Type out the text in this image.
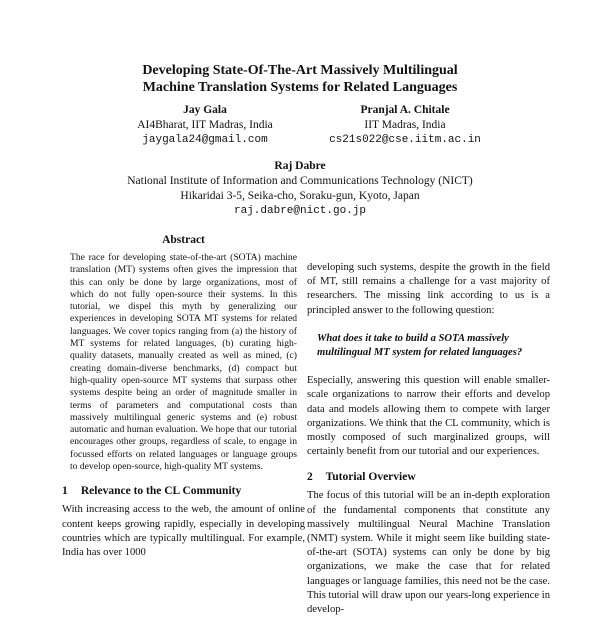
Developing State-Of-The-Art Massively Multilingual
Machine Translation Systems for Related Languages
Jay Gala
AI4Bharat, IIT Madras, India
jaygala24@gmail.com
Pranjal A. Chitale
IIT Madras, India
cs21s022@cse.iitm.ac.in
Raj Dabre
National Institute of Information and Communications Technology (NICT)
Hikaridai 3-5, Seika-cho, Soraku-gun, Kyoto, Japan
raj.dabre@nict.go.jp
Abstract

The race for developing state-of-the-art (SOTA) machine translation (MT) systems often gives the impression that this can only be done by large organizations, most of which do not fully open-source their systems. In this tutorial, we dispel this myth by generalizing our experiences in developing SOTA MT systems for related languages. We cover topics ranging from (a) the history of MT systems for related languages, (b) curating high-quality datasets, manually created as well as mined, (c) creating domain-diverse benchmarks, (d) compact but high-quality open-source MT systems that surpass other systems despite being an order of magnitude smaller in terms of parameters and computational costs than massively multilingual generic systems and (e) robust automatic and human evaluation. We hope that our tutorial encourages other groups, regardless of scale, to engage in focussed efforts on related languages or language groups to develop open-source, high-quality MT systems.

1 Relevance to the CL Community

With increasing access to the web, the amount of online content keeps growing rapidly, especially in developing countries which are typically multilingual. For example, India has over 1000

developing such systems, despite the growth in the field of MT, still remains a challenge for a vast majority of researchers. The missing link according to us is a principled answer to the following question:

What does it take to build a SOTA massively multilingual MT system for related languages?

Especially, answering this question will enable smaller-scale organizations to narrow their efforts and develop data and models allowing them to compete with larger organizations. We think that the CL community, which is mostly composed of such marginalized groups, will certainly benefit from our tutorial and our experiences.

2 Tutorial Overview

The focus of this tutorial will be an in-depth exploration of the fundamental components that constitute any massively multilingual Neural Machine Translation (NMT) system. While it might seem like building state-of-the-art (SOTA) systems can only be done by big organizations, we make the case that for related languages or language families, this need not be the case. This tutorial will draw upon our years-long experience in develop-
